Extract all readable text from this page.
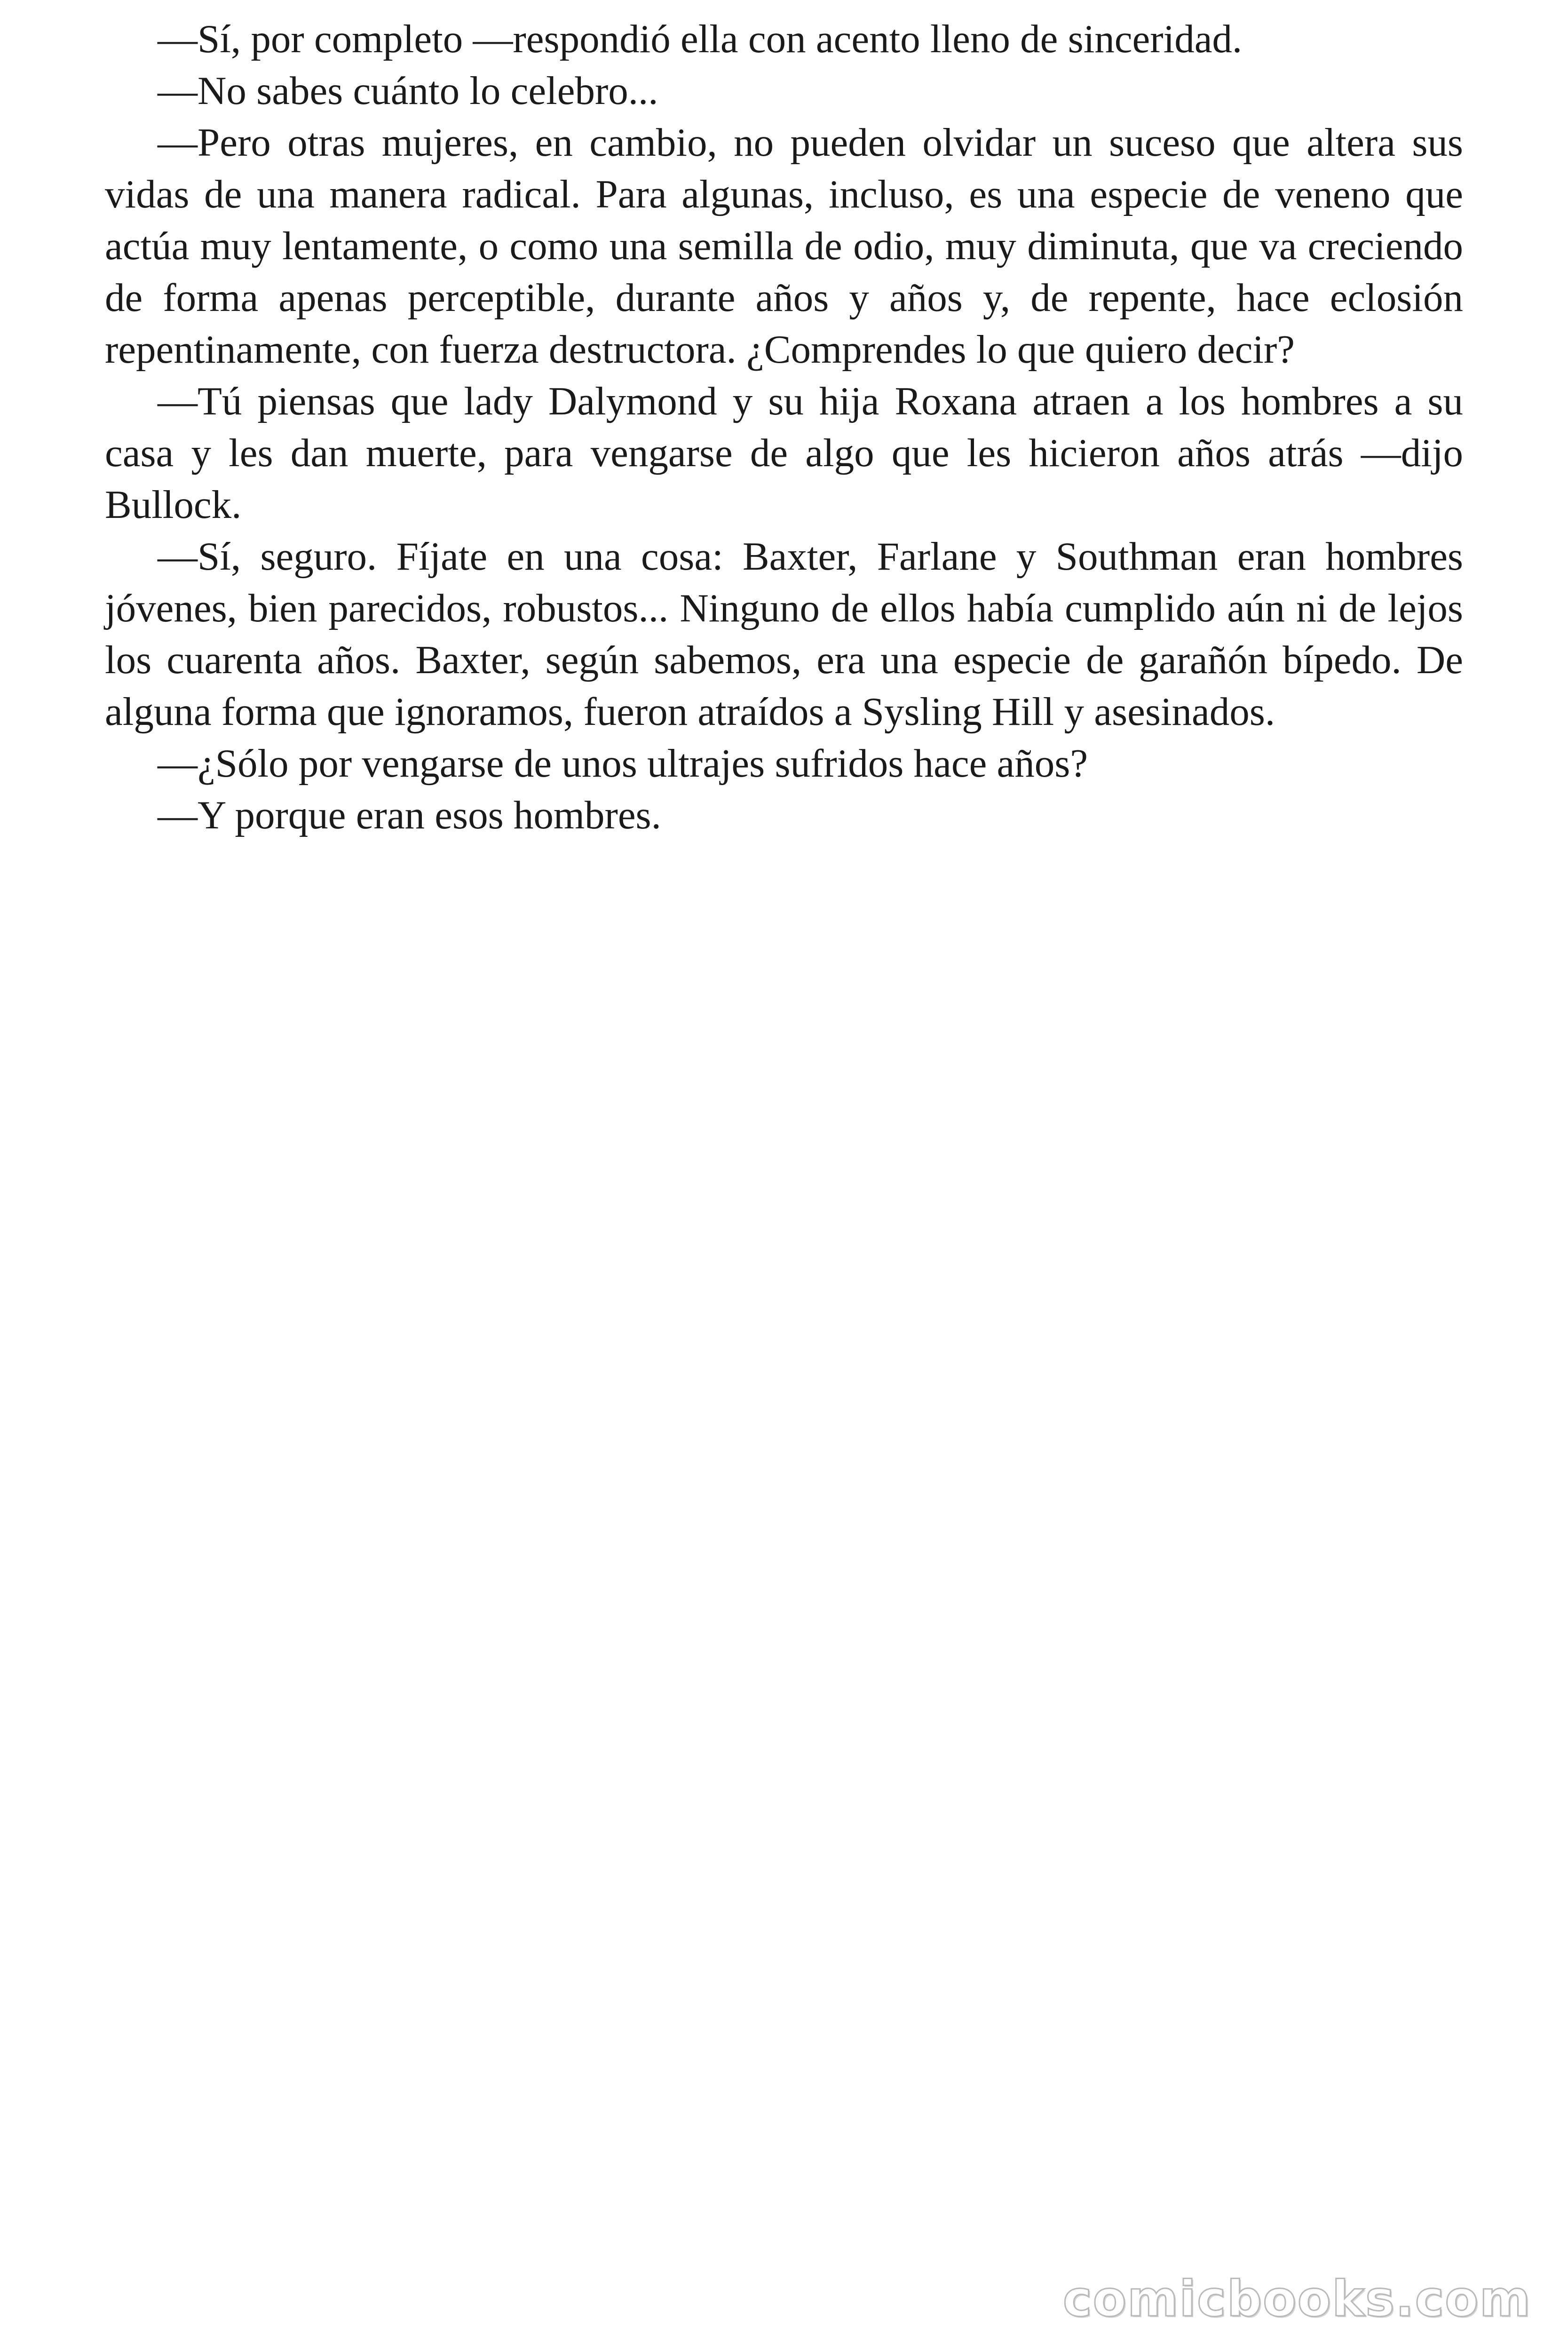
—Sí, por completo —respondió ella con acento lleno de sinceridad.

—No sabes cuánto lo celebro...

—Pero otras mujeres, en cambio, no pueden olvidar un suceso que altera sus vidas de una manera radical. Para algunas, incluso, es una especie de veneno que actúa muy lentamente, o como una semilla de odio, muy diminuta, que va creciendo de forma apenas perceptible, durante años y años y, de repente, hace eclosión repentinamente, con fuerza destructora. ¿Comprendes lo que quiero decir?

—Tú piensas que lady Dalymond y su hija Roxana atraen a los hombres a su casa y les dan muerte, para vengarse de algo que les hicieron años atrás —dijo Bullock.

—Sí, seguro. Fíjate en una cosa: Baxter, Farlane y Southman eran hombres jóvenes, bien parecidos, robustos... Ninguno de ellos había cumplido aún ni de lejos los cuarenta años. Baxter, según sabemos, era una especie de garañón bípedo. De alguna forma que ignoramos, fueron atraídos a Sysling Hill y asesinados.

—¿Sólo por vengarse de unos ultrajes sufridos hace años?

—Y porque eran esos hombres.

comicbooks.com
